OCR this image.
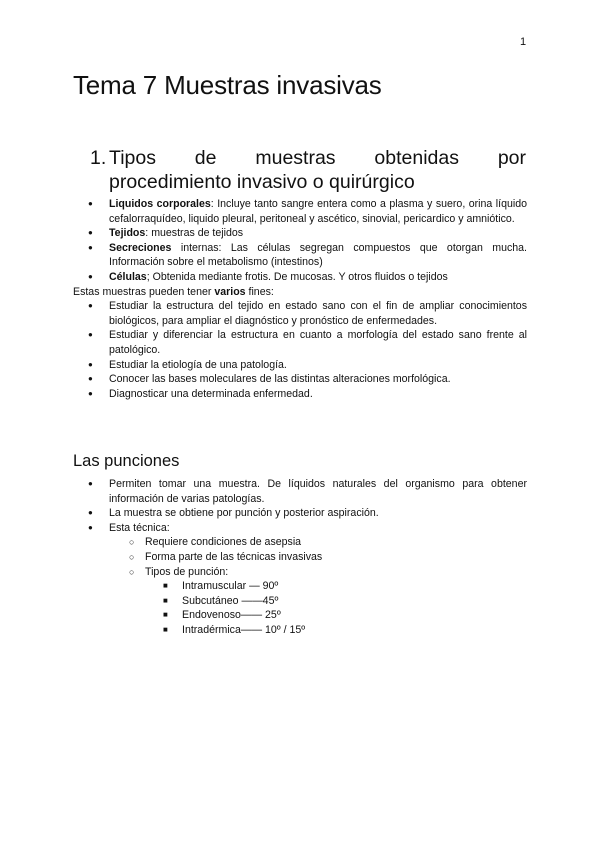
1
Tema 7 Muestras invasivas
1. Tipos de muestras obtenidas por
procedimiento invasivo o quirúrgico
● Liquidos corporales: Incluye tanto sangre entera como a plasma y suero, orina líquido cefalorraquídeo, liquido pleural, peritoneal y ascético, sinovial, pericardico y amniótico.
● Tejidos: muestras de tejidos
● Secreciones internas: Las células segregan compuestos que otorgan mucha. Información sobre el metabolismo (intestinos)
● Células; Obtenida mediante frotis. De mucosas. Y otros fluidos o tejidos
Estas muestras pueden tener varios fines:
● Estudiar la estructura del tejido en estado sano con el fin de ampliar conocimientos biológicos, para ampliar el diagnóstico y pronóstico de enfermedades.
● Estudiar y diferenciar la estructura en cuanto a morfología del estado sano frente al patológico.
● Estudiar la etiología de una patología.
● Conocer las bases moleculares de las distintas alteraciones morfológica.
● Diagnosticar una determinada enfermedad.
Las punciones
● Permiten tomar una muestra. De líquidos naturales del organismo para obtener información de varias patologías.
● La muestra se obtiene por punción y posterior aspiración.
● Esta técnica:
○ Requiere condiciones de asepsia
○ Forma parte de las técnicas invasivas
○ Tipos de punción:
■ Intramuscular — 90º
■ Subcutáneo ——45º
■ Endovenoso—— 25º
■ Intradérmica—— 10º / 15º
